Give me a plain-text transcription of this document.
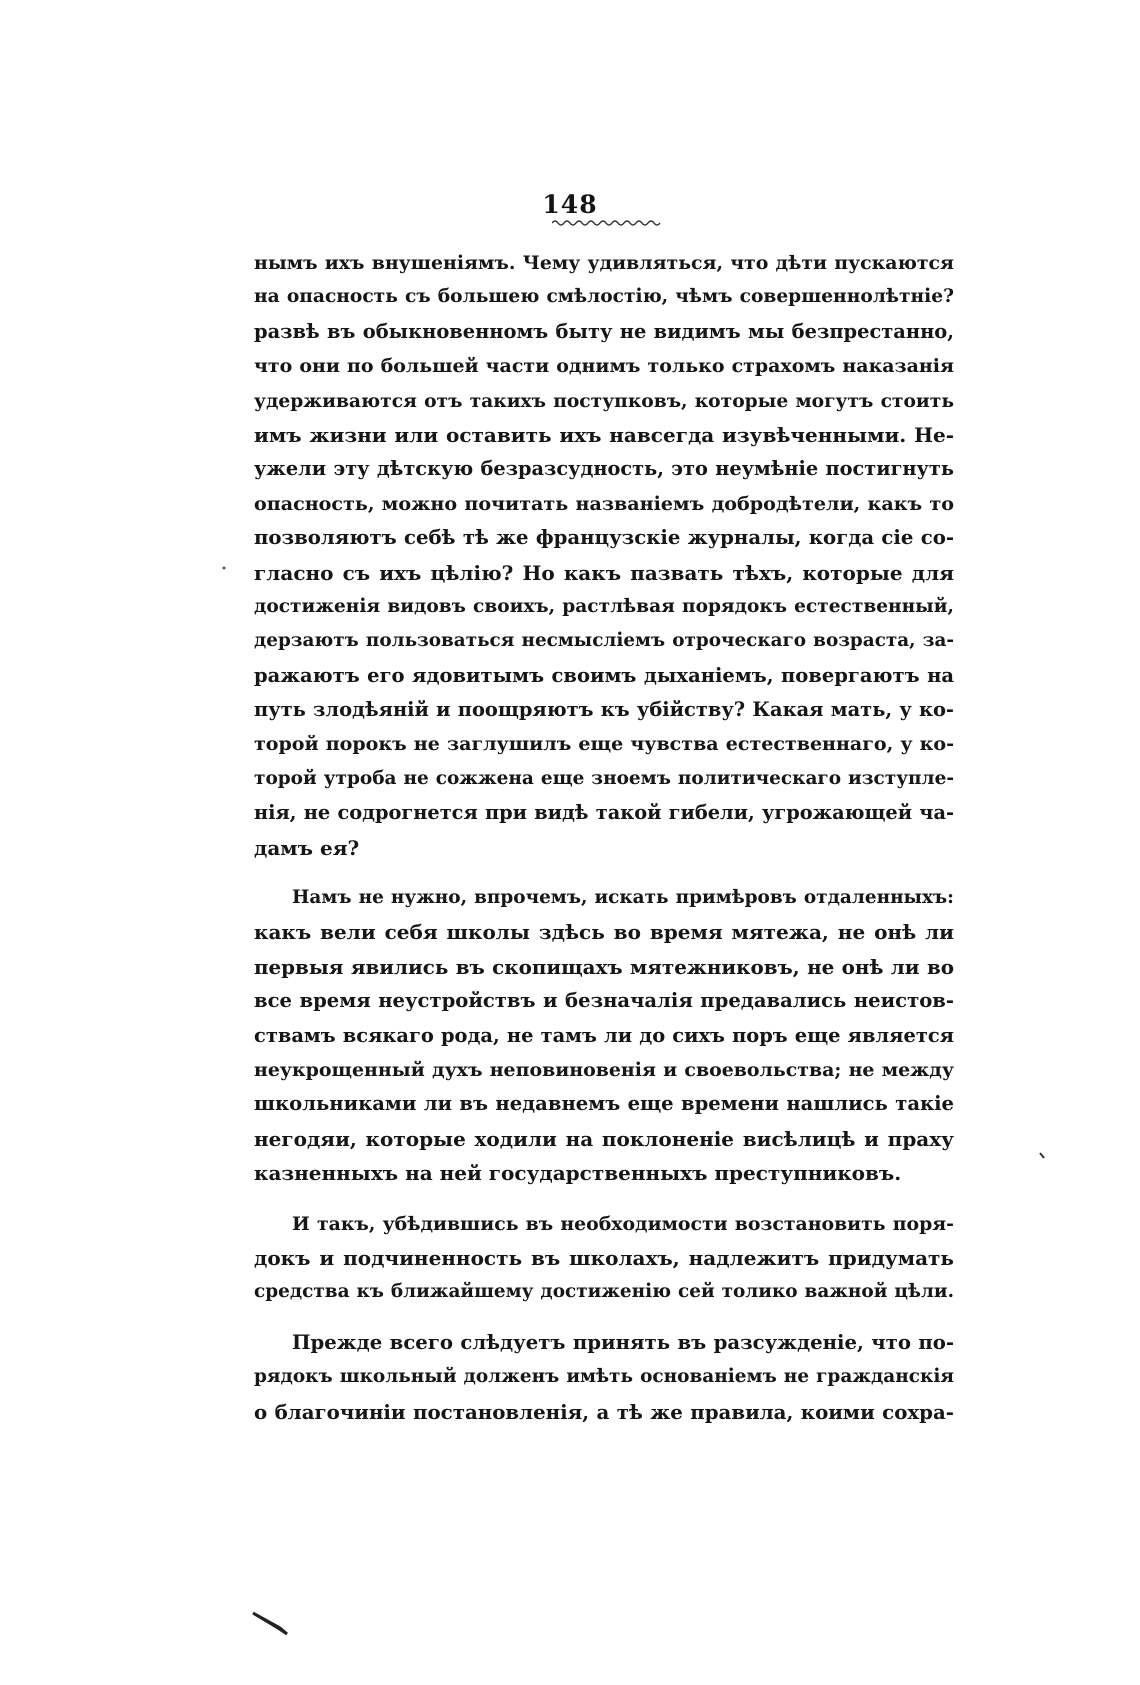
148
нымъ ихъ внушеніямъ. Чему удивляться, что дѣти пускаются
на опасность съ большею смѣлостію, чѣмъ совершеннолѣтніе?
развѣ въ обыкновенномъ быту не видимъ мы безпрестанно,
что они по большей части однимъ только страхомъ наказанія
удерживаются отъ такихъ поступковъ, которые могутъ стоить
имъ жизни или оставить ихъ навсегда изувѣченными. Не-
ужели эту дѣтскую безразсудность, это неумѣніе постигнуть
опасность, можно почитать названіемъ добродѣтели, какъ то
позволяютъ себѣ тѣ же французскіе журналы, когда сіе со-
гласно съ ихъ цѣлію? Но какъ пазвать тѣхъ, которые для
достиженія видовъ своихъ, растлѣвая порядокъ естественный,
дерзаютъ пользоваться несмысліемъ отроческаго возраста, за-
ражаютъ его ядовитымъ своимъ дыханіемъ, повергаютъ на
путь злодѣяній и поощряютъ къ убійству? Какая мать, у ко-
торой порокъ не заглушилъ еще чувства естественнаго, у ко-
торой утроба не сожжена еще зноемъ политическаго изступле-
нія, не содрогнется при видѣ такой гибели, угрожающей ча-
дамъ ея?
Намъ не нужно, впрочемъ, искать примѣровъ отдаленныхъ:
какъ вели себя школы здѣсь во время мятежа, не онѣ ли
первыя явились въ скопищахъ мятежниковъ, не онѣ ли во
все время неустройствъ и безначалія предавались неистов-
ствамъ всякаго рода, не тамъ ли до сихъ поръ еще является
неукрощенный духъ неповиновенія и своевольства; не между
школьниками ли въ недавнемъ еще времени нашлись такіе
негодяи, которые ходили на поклоненіе висѣлицѣ и праху
казненныхъ на ней государственныхъ преступниковъ.
И такъ, убѣдившись въ необходимости возстановить поря-
докъ и подчиненность въ школахъ, надлежитъ придумать
средства къ ближайшему достиженію сей толико важной цѣли.
Прежде всего слѣдуетъ принять въ разсужденіе, что по-
рядокъ школьный долженъ имѣть основаніемъ не гражданскія
о благочиніи постановленія, а тѣ же правила, коими сохра-
